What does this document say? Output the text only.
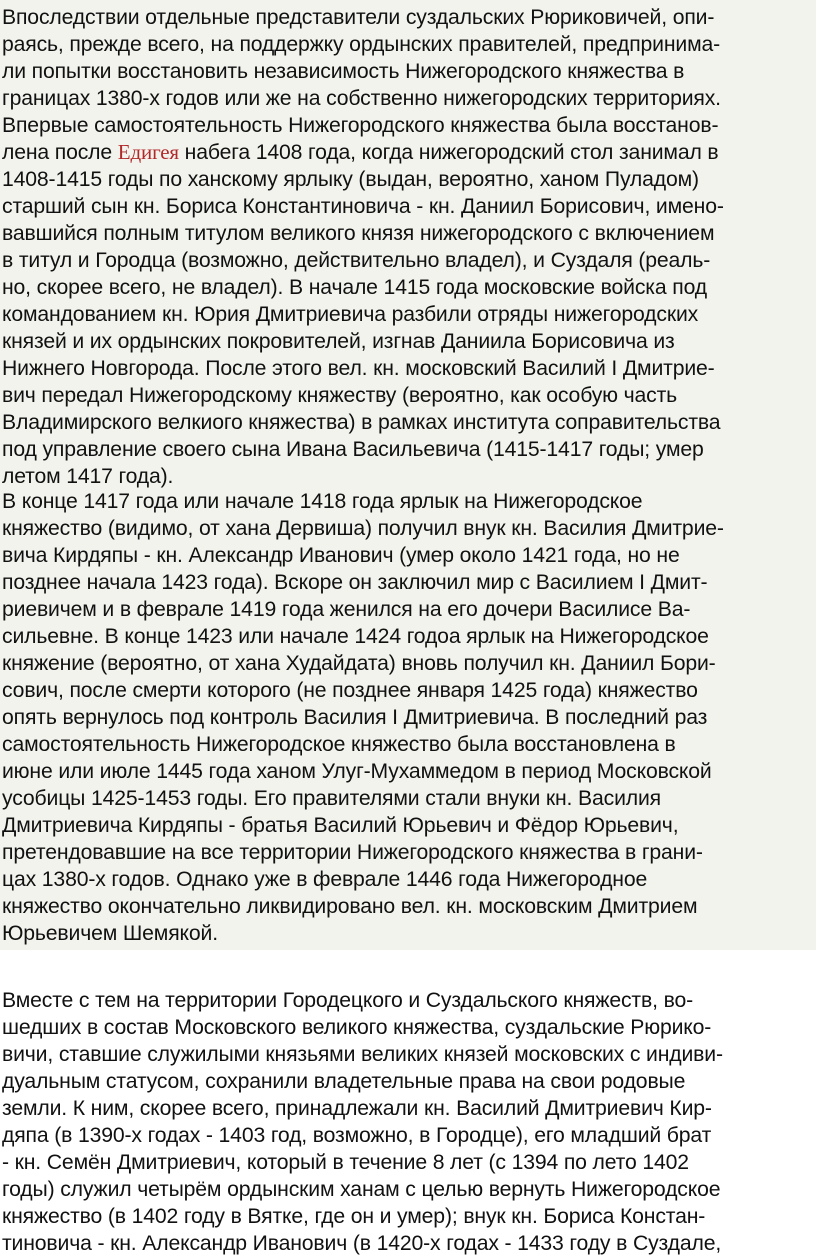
Впоследствии отдельные представители суздальских Рюриковичей, опи-
раясь, прежде всего, на поддержку ордынских правителей, предпринима-
ли попытки восстановить независимость Нижегородского княжества в
границах 1380-х годов или же на собственно нижегородских территориях.
Впервые самостоятельность Нижегородского княжества была восстанов-
лена после Едигея набега 1408 года, когда нижегородский стол занимал в
1408-1415 годы по ханскому ярлыку (выдан, вероятно, ханом Пуладом)
старший сын кн. Бориса Константиновича - кн. Даниил Борисович, имено-
вавшийся полным титулом великого князя нижегородского с включением
в титул и Городца (возможно, действительно владел), и Суздаля (реаль-
но, скорее всего, не владел). В начале 1415 года московские войска под
командованием кн. Юрия Дмитриевича разбили отряды нижегородских
князей и их ордынских покровителей, изгнав Даниила Борисовича из
Нижнего Новгорода. После этого вел. кн. московский Василий I Дмитрие-
вич передал Нижегородскому княжеству (вероятно, как особую часть
Владимирского велкиого княжества) в рамках института соправительства
под управление своего сына Ивана Васильевича (1415-1417 годы; умер
летом 1417 года).
В конце 1417 года или начале 1418 года ярлык на Нижегородское
княжество (видимо, от хана Дервиша) получил внук кн. Василия Дмитрие-
вича Кирдяпы - кн. Александр Иванович (умер около 1421 года, но не
позднее начала 1423 года). Вскоре он заключил мир с Василием I Дмит-
риевичем и в феврале 1419 года женился на его дочери Василисе Ва-
сильевне. В конце 1423 или начале 1424 годоа ярлык на Нижегородское
княжение (вероятно, от хана Худайдата) вновь получил кн. Даниил Бори-
сович, после смерти которого (не позднее января 1425 года) княжество
опять вернулось под контроль Василия I Дмитриевича. В последний раз
самостоятельность Нижегородское княжество была восстановлена в
июне или июле 1445 года ханом Улуг-Мухаммедом в период Московской
усобицы 1425-1453 годы. Его правителями стали внуки кн. Василия
Дмитриевича Кирдяпы - братья Василий Юрьевич и Фёдор Юрьевич,
претендовавшие на все территории Нижегородского княжества в грани-
цах 1380-х годов. Однако уже в феврале 1446 года Нижегородное
княжество окончательно ликвидировано вел. кн. московским Дмитрием
Юрьевичем Шемякой.
Вместе с тем на территории Городецкого и Суздальского княжеств, во-
шедших в состав Московского великого княжества, суздальские Рюрико-
вичи, ставшие служилыми князьями великих князей московских с индиви-
дуальным статусом, сохранили владетельные права на свои родовые
земли. К ним, скорее всего, принадлежали кн. Василий Дмитриевич Кир-
дяпа (в 1390-х годах - 1403 год, возможно, в Городце), его младший брат
- кн. Семён Дмитриевич, который в течение 8 лет (с 1394 по лето 1402
годы) служил четырём ордынским ханам с целью вернуть Нижегородское
княжество (в 1402 году в Вятке, где он и умер); внук кн. Бориса Констан-
тиновича - кн. Александр Иванович (в 1420-х годах - 1433 году в Суздале,
